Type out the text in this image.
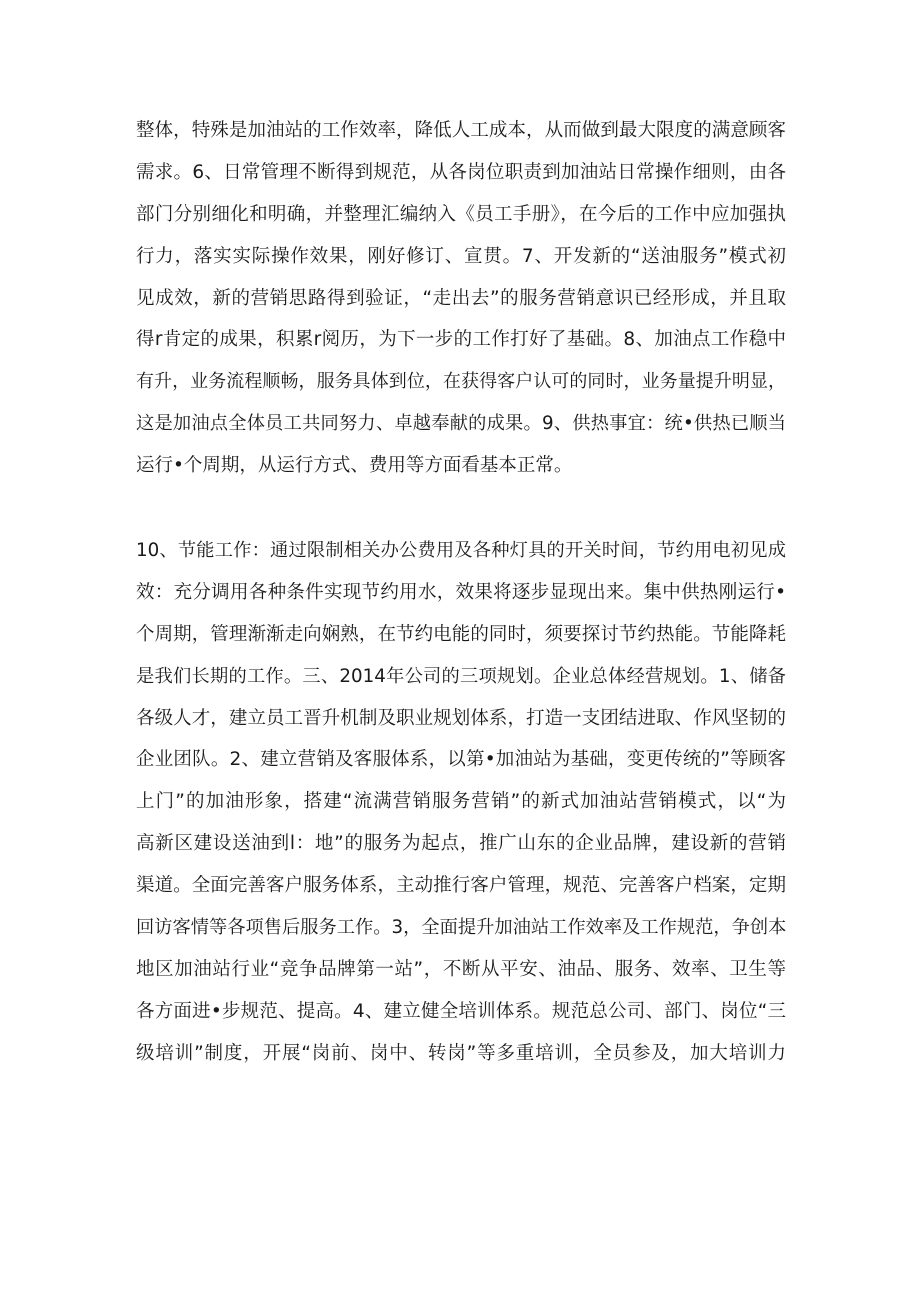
整体，特殊是加油站的工作效率，降低人工成本，从而做到最大限度的满意顾客
需求。6、日常管理不断得到规范，从各岗位职责到加油站日常操作细则，由各
部门分别细化和明确，并整理汇编纳入《员工手册》，在今后的工作中应加强执
行力，落实实际操作效果，刚好修订、宣贯。7、开发新的“送油服务”模式初
见成效，新的营销思路得到验证，“走出去”的服务营销意识已经形成，并且取
得r肯定的成果，积累r阅历，为下一步的工作打好了基础。8、加油点工作稳中
有升，业务流程顺畅，服务具体到位，在获得客户认可的同时，业务量提升明显，
这是加油点全体员工共同努力、卓越奉献的成果。9、供热事宜：统•供热已顺当
运行•个周期，从运行方式、费用等方面看基本正常。
10、节能工作：通过限制相关办公费用及各种灯具的开关时间，节约用电初见成
效：充分调用各种条件实现节约用水，效果将逐步显现出来。集中供热刚运行•
个周期，管理渐渐走向娴熟，在节约电能的同时，须要探讨节约热能。节能降耗
是我们长期的工作。三、2014年公司的三项规划。企业总体经营规划。1、储备
各级人才，建立员工晋升机制及职业规划体系，打造一支团结进取、作风坚韧的
企业团队。2、建立营销及客服体系，以第•加油站为基础，变更传统的”等顾客
上门”的加油形象，搭建“流满营销服务营销”的新式加油站营销模式，以“为
高新区建设送油到l：地”的服务为起点，推广山东的企业品牌，建设新的营销
渠道。全面完善客户服务体系，主动推行客户管理，规范、完善客户档案，定期
回访客情等各项售后服务工作。3，全面提升加油站工作效率及工作规范，争创本
地区加油站行业“竞争品牌第一站”，不断从平安、油品、服务、效率、卫生等
各方面进•步规范、提高。4、建立健全培训体系。规范总公司、部门、岗位“三
级培训”制度，开展“岗前、岗中、转岗”等多重培训，全员参及，加大培训力
